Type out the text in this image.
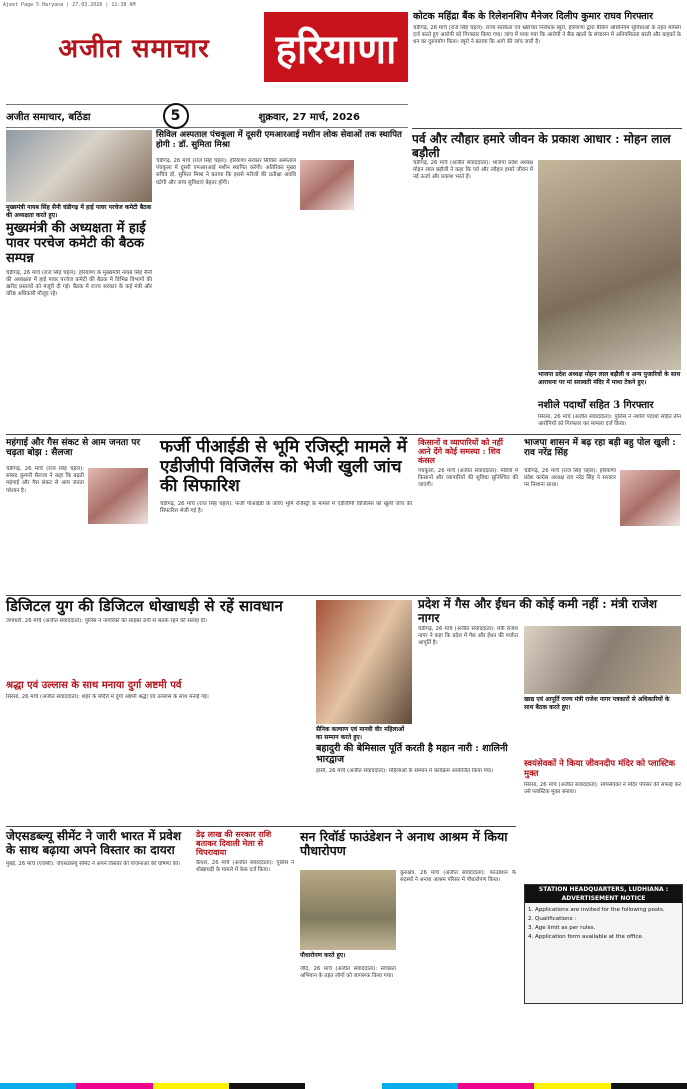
Ajeet Page 5 Haryana | 27.03.2026 | 11:38 AM
अजीत समाचार	हरियाणा
अजीत समाचार, बठिंडा	5	शुक्रवार, 27 मार्च, 2026
कोटक महिंद्रा बैंक के रिलेशनशिप मैनेजर दिलीप कुमार राघव गिरफ्तार
चंडीगढ़, 26 मार्च (राज सिंह चहल): राज्य सतर्कता एवं भ्रष्टाचार निरोधक ब्यूरो, हरियाणा द्वारा बैंकिंग अधिनियम सुविधाओं के तहत मामला दर्ज करते हुए आरोपी को गिरफ्तार किया गया। जांच में पाया गया कि आरोपी ने बैंक खातों के संचालन में अनियमितता बरती और ग्राहकों के धन का दुरुपयोग किया। ब्यूरो ने बताया कि आगे की जांच जारी है।
मुख्यमंत्री नायब सिंह सैनी चंडीगढ़ में हाई पावर परचेज कमेटी बैठक की अध्यक्षता करते हुए।
मुख्यमंत्री की अध्यक्षता में हाई पावर परचेज कमेटी की बैठक सम्पन्न
चंडीगढ़, 26 मार्च (राज सिंह चहल): हरियाणा के मुख्यमंत्री नायब सिंह सैनी की अध्यक्षता में हाई पावर परचेज कमेटी की बैठक में विभिन्न विभागों की खरीद प्रस्तावों को मंजूरी दी गई। बैठक में राज्य सरकार के कई मंत्री और वरिष्ठ अधिकारी मौजूद रहे।
सिविल अस्पताल पंचकूला में दूसरी एमआरआई मशीन लोक सेवाओं तक स्थापित होगी : डॉ. सुमिता मिश्रा
चंडीगढ़, 26 मार्च (राज सिंह चहल): हरियाणा सरकार सिविल अस्पताल पंचकूला में दूसरी एमआरआई मशीन स्थापित करेगी। अतिरिक्त मुख्य सचिव डॉ. सुमिता मिश्रा ने बताया कि इससे मरीजों की प्रतीक्षा अवधि घटेगी और जांच सुविधाएं बेहतर होंगी।
पर्व और त्यौहार हमारे जीवन के प्रकाश आधार : मोहन लाल बड़ौली
चंडीगढ़, 26 मार्च (अजीत संवाददाता): भाजपा प्रदेश अध्यक्ष मोहन लाल बड़ौली ने कहा कि पर्व और त्यौहार हमारे जीवन में नई ऊर्जा और प्रकाश भरते हैं।
भाजपा प्रदेश अध्यक्ष मोहन लाल बड़ौली व अन्य पुजारियों के साथ आराधना पर मां सरस्वती मंदिर में माथा टेकने हुए।
नशीले पदार्थों सहित 3 गिरफ्तार
सिरसा, 26 मार्च (अजीत संवाददाता): पुलिस ने नशीले पदार्थों सहित तीन आरोपियों को गिरफ्तार कर मामला दर्ज किया।
महंगाई और गैस संकट से आम जनता पर चढ़ता बोझ : सैलजा
चंडीगढ़, 26 मार्च (राज सिंह चहल): सांसद कुमारी सैलजा ने कहा कि बढ़ती महंगाई और गैस संकट से आम जनता परेशान है।
फर्जी पीआईडी से भूमि रजिस्ट्री मामले में एडीजीपी विजिलेंस को भेजी खुली जांच की सिफारिश
चंडीगढ़, 26 मार्च (राज सिंह चहल): फर्जी पीआईडी के जरिए भूमि रजिस्ट्री के मामले में एडीजीपी विजिलेंस को खुली जांच की सिफारिश भेजी गई है।
किसानों व व्यापारियों को नहीं आने देंगे कोई समस्या : शिव कंसल
पंचकूला, 26 मार्च (अजीत संवाददाता): मंडियों में किसानों और व्यापारियों की सुविधा सुनिश्चित की जाएगी।
भाजपा शासन में बढ़ रहा बड़ी बहु पोल खुली : राव नरेंद्र सिंह
चंडीगढ़, 26 मार्च (राज सिंह चहल): हरियाणा प्रदेश कांग्रेस अध्यक्ष राव नरेंद्र सिंह ने सरकार पर निशाना साधा।
डिजिटल युग की डिजिटल धोखाधड़ी से रहें सावधान
जगाधरी, 26 मार्च (अजीत संवाददाता): पुलिस ने नागरिकों को साइबर ठगी से सतर्क रहने की सलाह दी।
श्रद्धा एवं उल्लास के साथ मनाया दुर्गा अष्टमी पर्व
सिरसा, 26 मार्च (अजीत संवाददाता): शहर के मंदिरों में दुर्गा अष्टमी श्रद्धा एवं उल्लास के साथ मनाई गई।
सैनिक कल्याण एवं मानवी वीर महिलाओं का सम्मान करते हुए।
बहादुरी की बेमिसाल पूर्ति करती है महान नारी : शालिनी भारद्वाज
हांसी, 26 मार्च (अजीत संवाददाता): महिलाओं के सम्मान में कार्यक्रम आयोजित किया गया।
प्रदेश में गैस और ईंधन की कोई कमी नहीं : मंत्री राजेश नागर
चंडीगढ़, 26 मार्च (अजीत संवाददाता): मंत्री राजेश नागर ने कहा कि प्रदेश में गैस और ईंधन की पर्याप्त आपूर्ति है।
खाद्य एवं आपूर्ति राज्य मंत्री राजेश नागर पत्रकारों से अधिकारियों के साथ बैठक करते हुए।
स्वयंसेवकों ने किया जीवनदीप मंदिर को प्लास्टिक मुक्त
सिरसा, 26 मार्च (अजीत संवाददाता): स्वयंसेवकों ने मंदिर परिसर की सफाई कर उसे प्लास्टिक मुक्त बनाया।
जेएसडब्ल्यू सीमेंट ने जारी भारत में प्रवेश के साथ बढ़ाया अपने विस्तार का दायरा
मुंबई, 26 मार्च (एजेंसी): जेएसडब्ल्यू सीमेंट ने अपने विस्तार की योजनाओं की घोषणा की।
डेढ़ लाख की सरकार राशि बताकर दिवाली मेला से चिपरावाया
कैथल, 26 मार्च (अजीत संवाददाता): पुलिस ने धोखाधड़ी के मामले में केस दर्ज किया।
सन रिवॉर्ड फाउंडेशन ने अनाथ आश्रम में किया पौधारोपण
पौधारोपण करते हुए।
कुरुक्षेत्र, 26 मार्च (अजीत संवाददाता): फाउंडेशन के सदस्यों ने अनाथ आश्रम परिसर में पौधारोपण किया।
जींद, 26 मार्च (अजीत संवाददाता): स्वच्छता अभियान के तहत लोगों को जागरूक किया गया।
STATION HEADQUARTERS, LUDHIANA : ADVERTISEMENT NOTICE
1. Applications are invited for the following posts.
2. Qualifications :
3. Age limit as per rules.
4. Application form available at the office.
